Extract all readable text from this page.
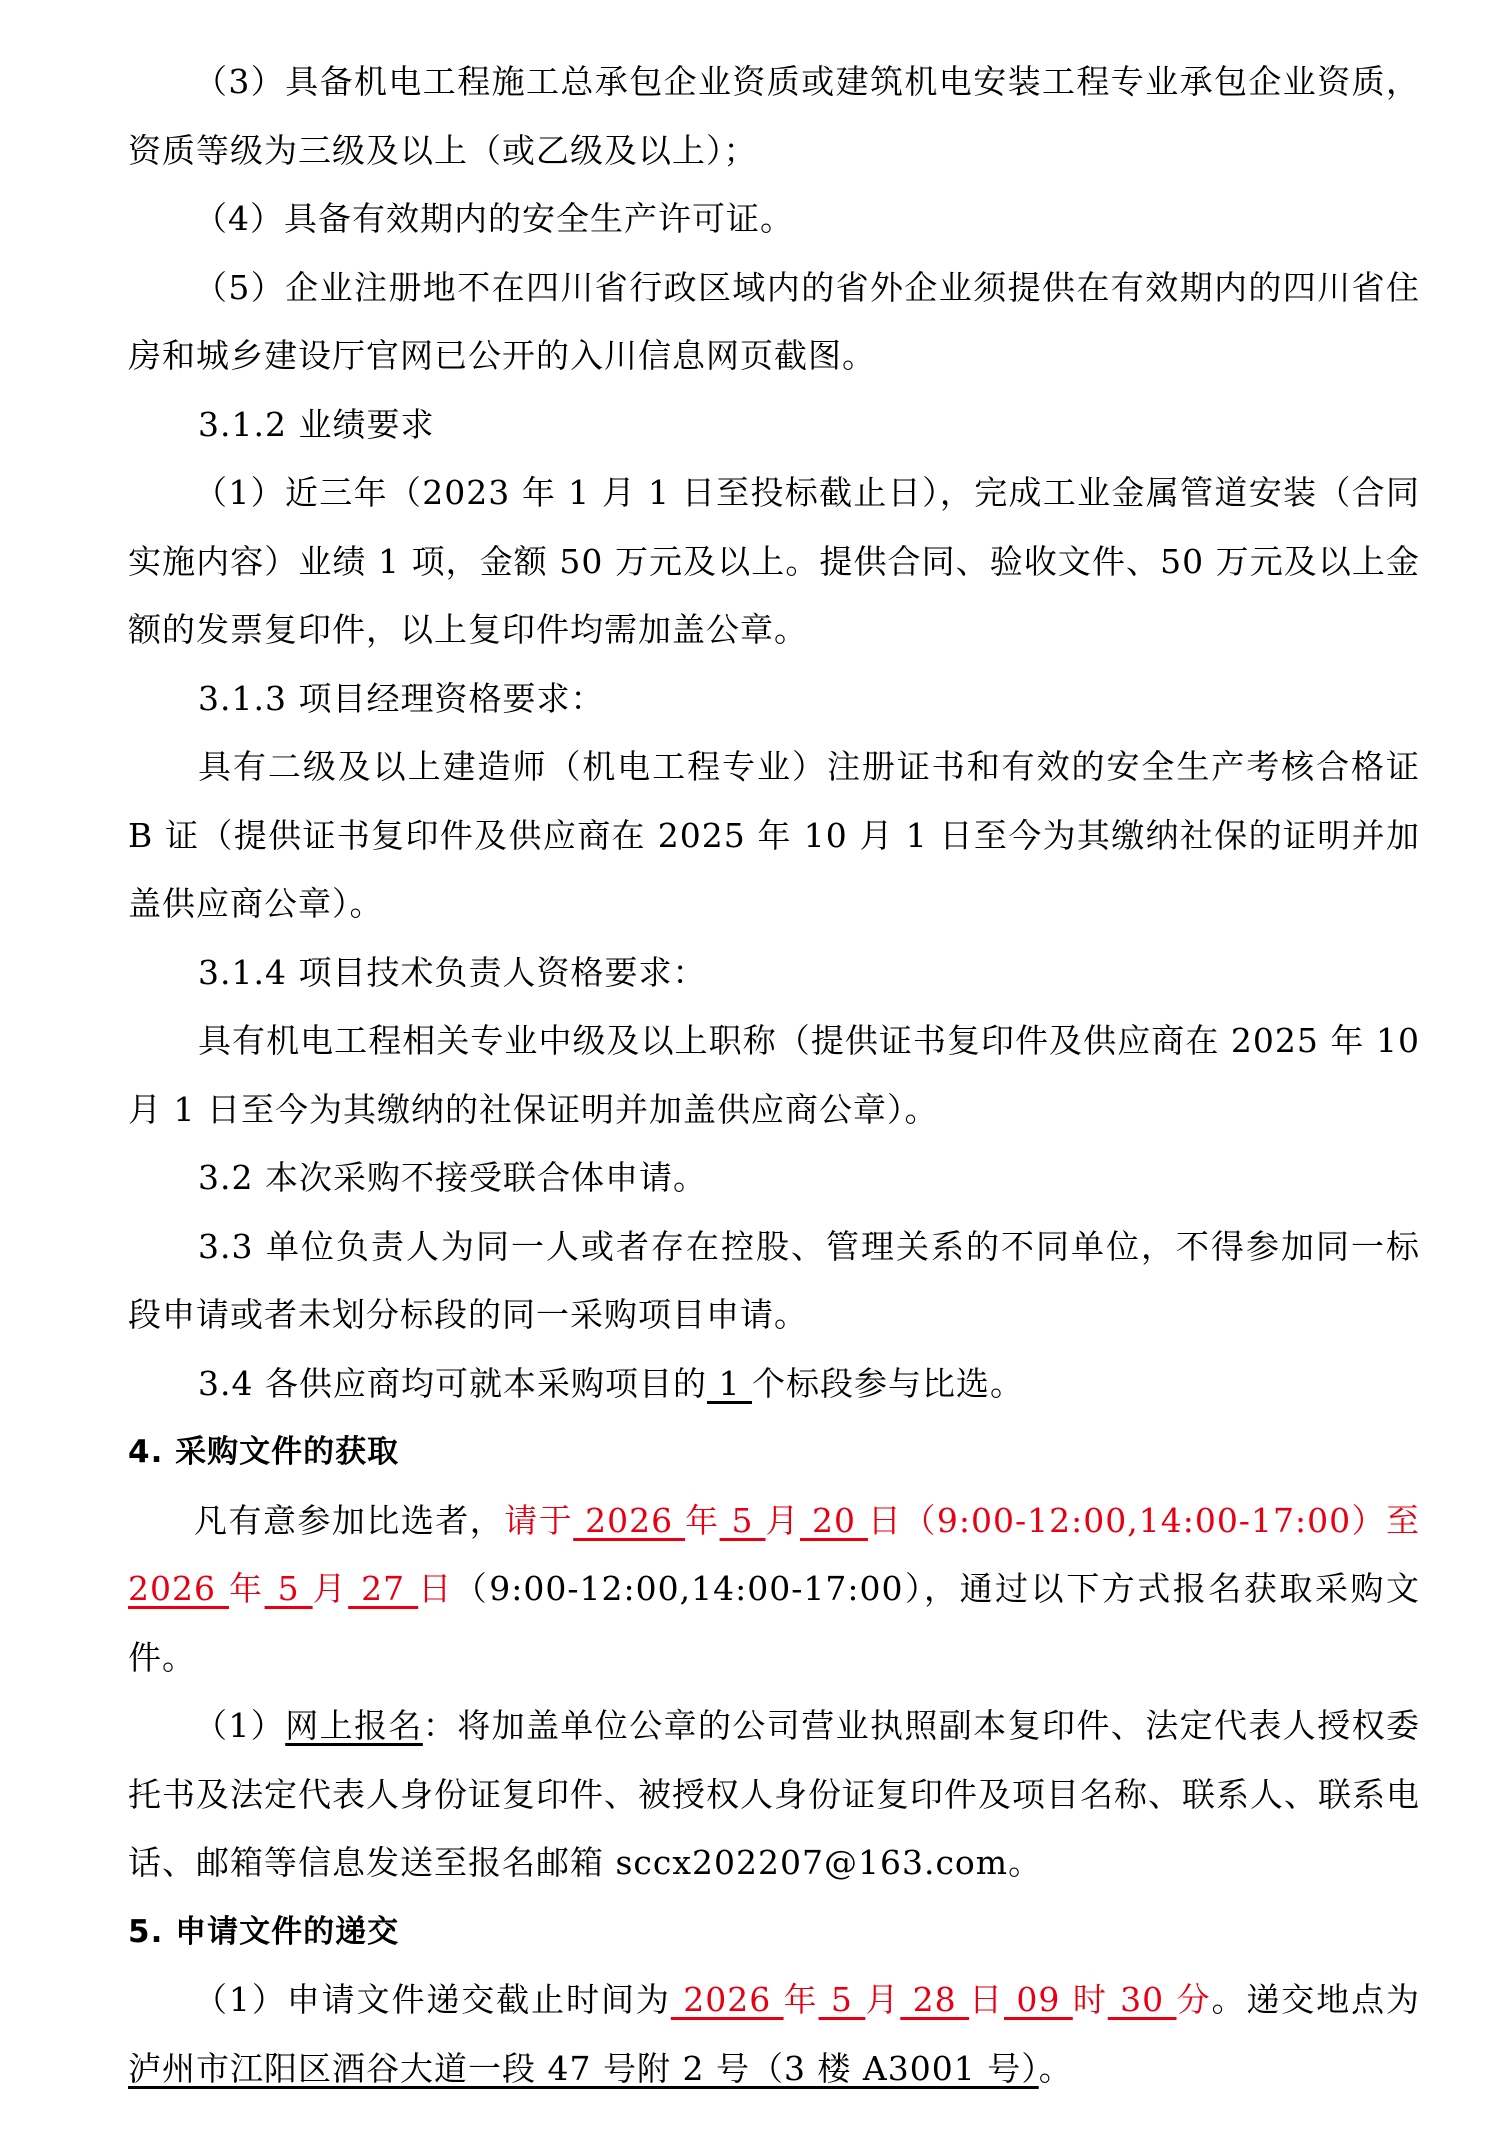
（3）具备机电工程施工总承包企业资质或建筑机电安装工程专业承包企业资质，资质等级为三级及以上（或乙级及以上）；

（4）具备有效期内的安全生产许可证。

（5）企业注册地不在四川省行政区域内的省外企业须提供在有效期内的四川省住房和城乡建设厅官网已公开的入川信息网页截图。

3.1.2 业绩要求

（1）近三年（2023 年 1 月 1 日至投标截止日），完成工业金属管道安装（合同实施内容）业绩 1 项，金额 50 万元及以上。提供合同、验收文件、50 万元及以上金额的发票复印件，以上复印件均需加盖公章。

3.1.3 项目经理资格要求：

具有二级及以上建造师（机电工程专业）注册证书和有效的安全生产考核合格证 B 证（提供证书复印件及供应商在 2025 年 10 月 1 日至今为其缴纳社保的证明并加盖供应商公章）。

3.1.4 项目技术负责人资格要求：

具有机电工程相关专业中级及以上职称（提供证书复印件及供应商在 2025 年 10 月 1 日至今为其缴纳的社保证明并加盖供应商公章）。

3.2 本次采购不接受联合体申请。

3.3 单位负责人为同一人或者存在控股、管理关系的不同单位，不得参加同一标段申请或者未划分标段的同一采购项目申请。

3.4 各供应商均可就本采购项目的 1 个标段参与比选。

4. 采购文件的获取

凡有意参加比选者，请于 2026 年 5 月 20 日（9:00-12:00,14:00-17:00）至 2026 年 5 月 27 日（9:00-12:00,14:00-17:00），通过以下方式报名获取采购文件。

（1）网上报名：将加盖单位公章的公司营业执照副本复印件、法定代表人授权委托书及法定代表人身份证复印件、被授权人身份证复印件及项目名称、联系人、联系电话、邮箱等信息发送至报名邮箱 sccx202207@163.com。

5. 申请文件的递交

（1）申请文件递交截止时间为 2026 年 5 月 28 日 09 时 30 分。递交地点为泸州市江阳区酒谷大道一段 47 号附 2 号（3 楼 A3001 号）。
